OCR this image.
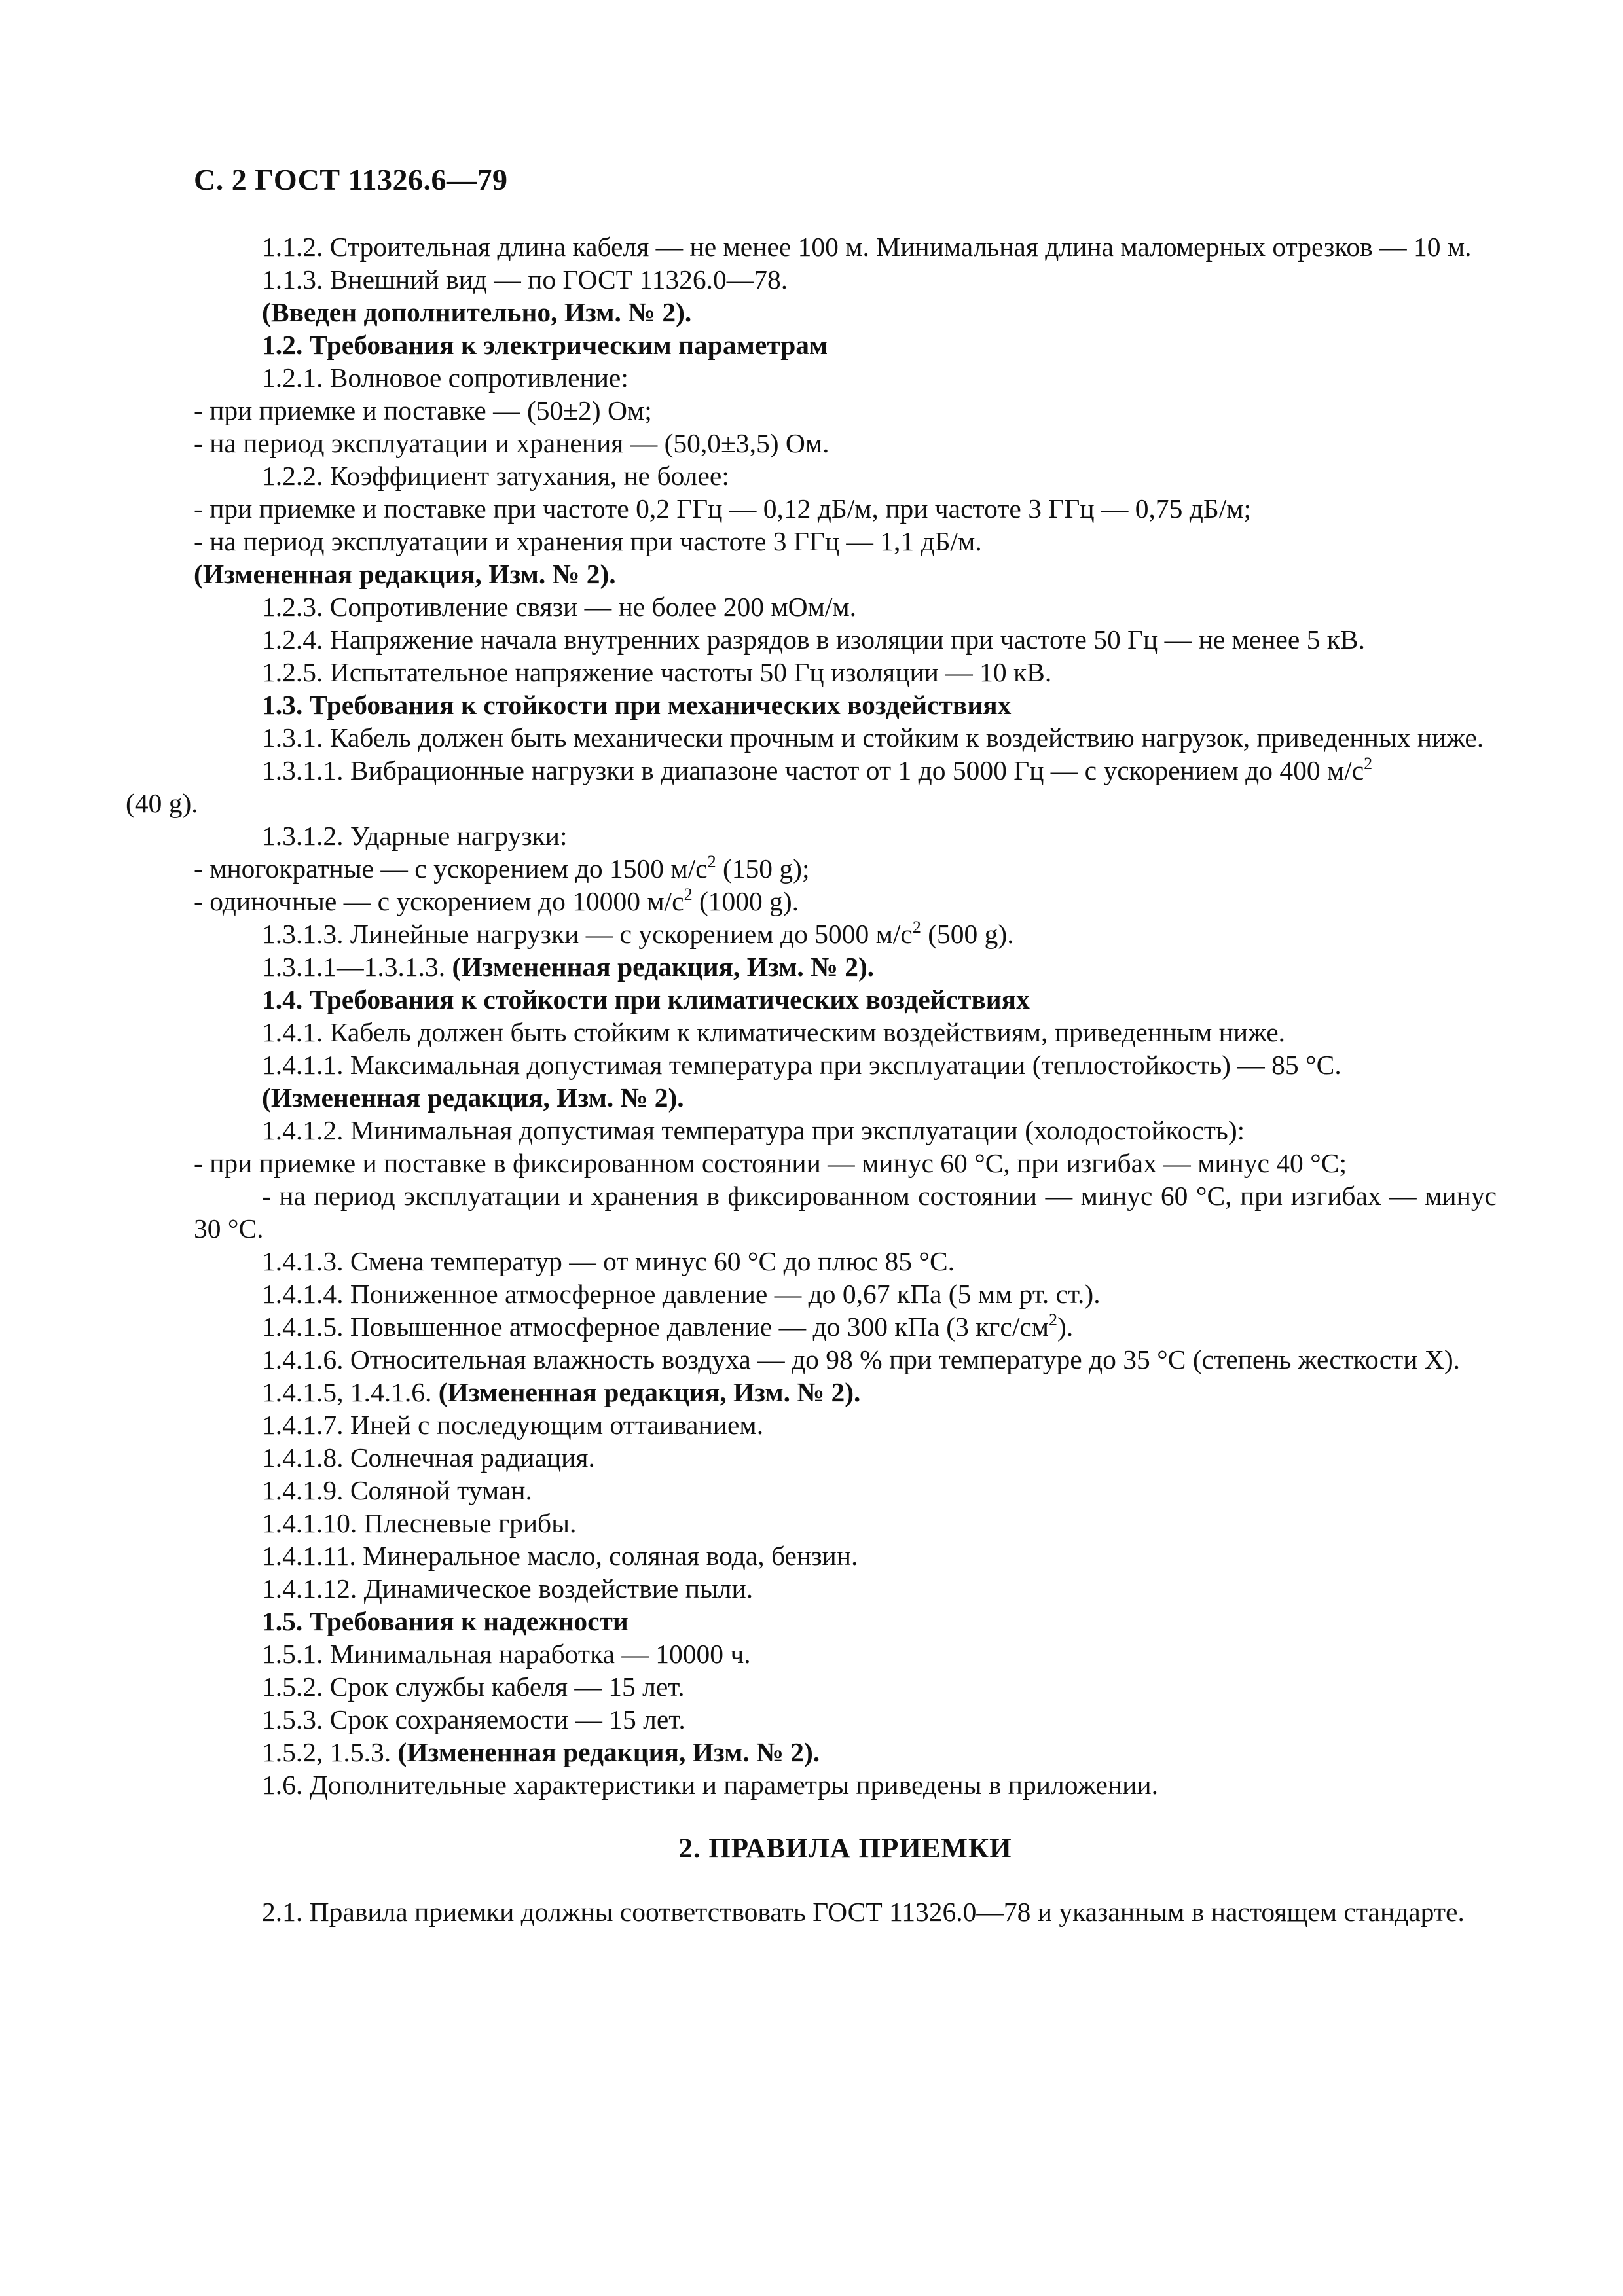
С. 2 ГОСТ 11326.6—79

1.1.2. Строительная длина кабеля — не менее 100 м. Минимальная длина маломерных отрезков — 10 м.

1.1.3. Внешний вид — по ГОСТ 11326.0—78.

(Введен дополнительно, Изм. № 2).

1.2. Требования к электрическим параметрам

1.2.1. Волновое сопротивление:

- при приемке и поставке — (50±2) Ом;

- на период эксплуатации и хранения — (50,0±3,5) Ом.

1.2.2. Коэффициент затухания, не более:

- при приемке и поставке при частоте 0,2 ГГц — 0,12 дБ/м, при частоте 3 ГГц — 0,75 дБ/м;

- на период эксплуатации и хранения при частоте 3 ГГц — 1,1 дБ/м.

(Измененная редакция, Изм. № 2).

1.2.3. Сопротивление связи — не более 200 мОм/м.

1.2.4. Напряжение начала внутренних разрядов в изоляции при частоте 50 Гц — не менее 5 кВ.

1.2.5. Испытательное напряжение частоты 50 Гц изоляции — 10 кВ.

1.3. Требования к стойкости при механических воздействиях

1.3.1. Кабель должен быть механически прочным и стойким к воздействию нагрузок, приведенных ниже.

1.3.1.1. Вибрационные нагрузки в диапазоне частот от 1 до 5000 Гц — с ускорением до 400 $м/с^2$
(40 g).

1.3.1.2. Ударные нагрузки:

- многократные — с ускорением до 1500 $м/с^2$ (150 g);

- одиночные — с ускорением до 10000 $м/с^2$ (1000 g).

1.3.1.3. Линейные нагрузки — с ускорением до 5000 $м/с^2$ (500 g).

1.3.1.1—1.3.1.3. (Измененная редакция, Изм. № 2).

1.4. Требования к стойкости при климатических воздействиях

1.4.1. Кабель должен быть стойким к климатическим воздействиям, приведенным ниже.

1.4.1.1. Максимальная допустимая температура при эксплуатации (теплостойкость) — 85 °С.

(Измененная редакция, Изм. № 2).

1.4.1.2. Минимальная допустимая температура при эксплуатации (холодостойкость):

- при приемке и поставке в фиксированном состоянии — минус 60 °С, при изгибах — минус 40 °С;

- на период эксплуатации и хранения в фиксированном состоянии — минус 60 °С, при изгибах — минус 30 °С.

1.4.1.3. Смена температур — от минус 60 °С до плюс 85 °С.

1.4.1.4. Пониженное атмосферное давление — до 0,67 кПа (5 мм рт. ст.).

1.4.1.5. Повышенное атмосферное давление — до 300 кПа (3 кгс/$см^2$).

1.4.1.6. Относительная влажность воздуха — до 98 % при температуре до 35 °С (степень жесткости X).

1.4.1.5, 1.4.1.6. (Измененная редакция, Изм. № 2).

1.4.1.7. Иней с последующим оттаиванием.

1.4.1.8. Солнечная радиация.

1.4.1.9. Соляной туман.

1.4.1.10. Плесневые грибы.

1.4.1.11. Минеральное масло, соляная вода, бензин.

1.4.1.12. Динамическое воздействие пыли.

1.5. Требования к надежности

1.5.1. Минимальная наработка — 10000 ч.

1.5.2. Срок службы кабеля — 15 лет.

1.5.3. Срок сохраняемости — 15 лет.

1.5.2, 1.5.3. (Измененная редакция, Изм. № 2).

1.6. Дополнительные характеристики и параметры приведены в приложении.

2. ПРАВИЛА ПРИЕМКИ

2.1. Правила приемки должны соответствовать ГОСТ 11326.0—78 и указанным в настоящем стандарте.
